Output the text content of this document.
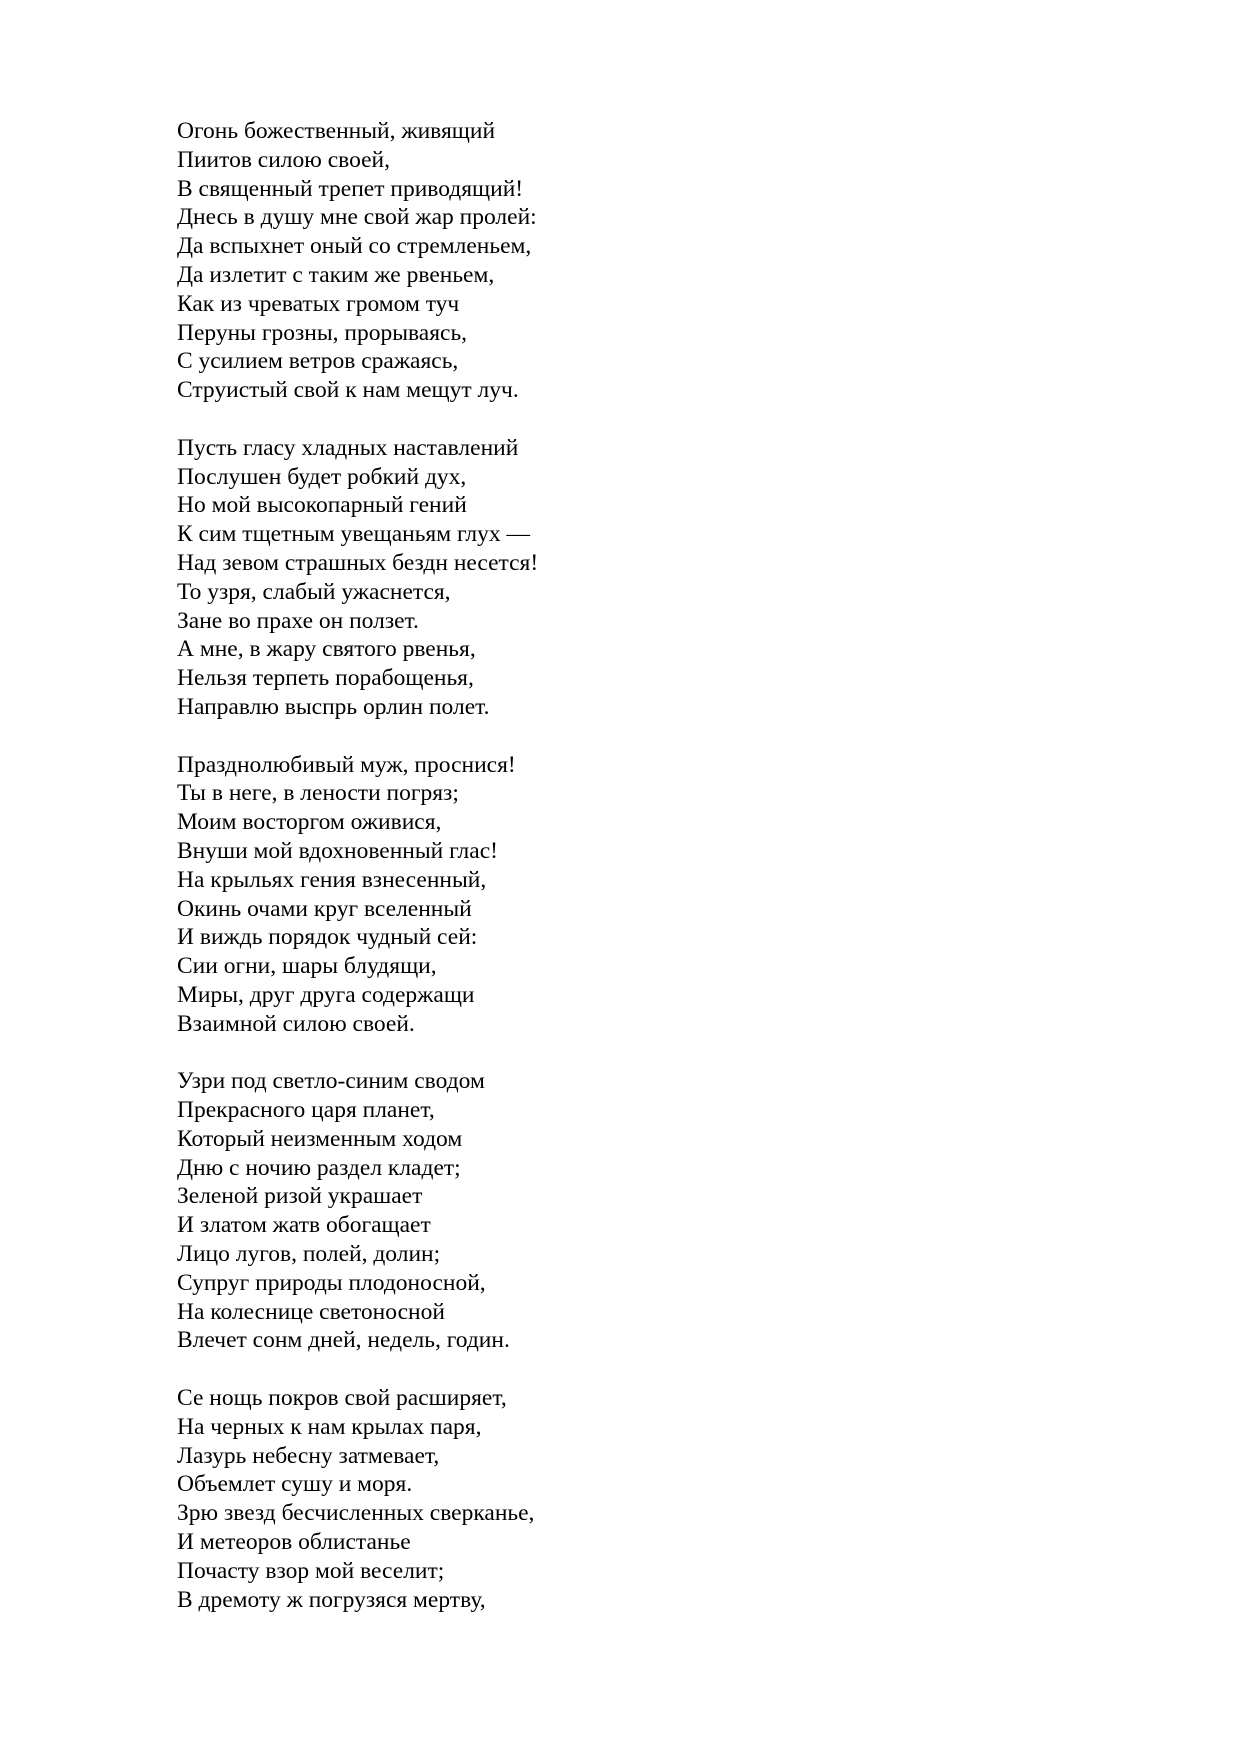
Огонь божественный, живящий
Пиитов силою своей,
В священный трепет приводящий!
Днесь в душу мне свой жар пролей:
Да вспыхнет оный со стремленьем,
Да излетит с таким же рвеньем,
Как из чреватых громом туч
Перуны грозны, прорываясь,
С усилием ветров сражаясь,
Струистый свой к нам мещут луч.
Пусть гласу хладных наставлений
Послушен будет робкий дух,
Но мой высокопарный гений
К сим тщетным увещаньям глух —
Над зевом страшных бездн несется!
То узря, слабый ужаснется,
Зане во прахе он ползет.
А мне, в жару святого рвенья,
Нельзя терпеть порабощенья,
Направлю выспрь орлин полет.
Празднолюбивый муж, проснися!
Ты в неге, в лености погряз;
Моим восторгом оживися,
Внуши мой вдохновенный глас!
На крыльях гения взнесенный,
Окинь очами круг вселенный
И виждь порядок чудный сей:
Сии огни, шары блудящи,
Миры, друг друга содержащи
Взаимной силою своей.
Узри под светло-синим сводом
Прекрасного царя планет,
Который неизменным ходом
Дню с ночию раздел кладет;
Зеленой ризой украшает
И златом жатв обогащает
Лицо лугов, полей, долин;
Супруг природы плодоносной,
На колеснице светоносной
Влечет сонм дней, недель, годин.
Се нощь покров свой расширяет,
На черных к нам крылах паря,
Лазурь небесну затмевает,
Объемлет сушу и моря.
Зрю звезд бесчисленных сверканье,
И метеоров облистанье
Почасту взор мой веселит;
В дремоту ж погрузяся мертву,
